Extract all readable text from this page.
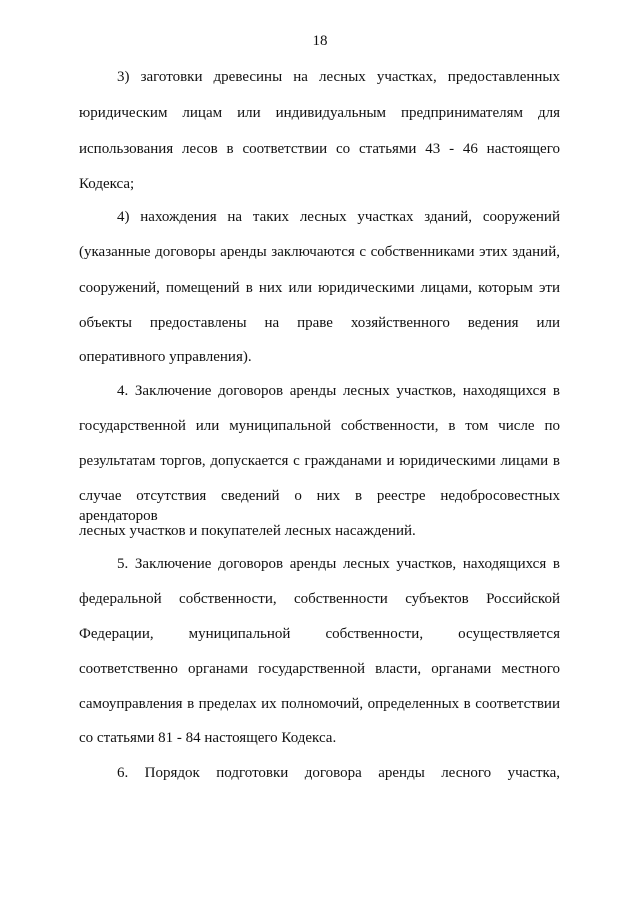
18
3) заготовки древесины на лесных участках, предоставленных
юридическим лицам или индивидуальным предпринимателям для
использования лесов в соответствии со статьями 43 - 46 настоящего
Кодекса;
4) нахождения на таких лесных участках зданий, сооружений
(указанные договоры аренды заключаются с собственниками этих зданий,
сооружений, помещений в них или юридическими лицами, которым эти
объекты предоставлены на праве хозяйственного ведения или
оперативного управления).
4. Заключение договоров аренды лесных участков, находящихся в
государственной или муниципальной собственности, в том числе по
результатам торгов, допускается с гражданами и юридическими лицами в
случае отсутствия сведений о них в реестре недобросовестных арендаторов
лесных участков и покупателей лесных насаждений.
5. Заключение договоров аренды лесных участков, находящихся в
федеральной собственности, собственности субъектов Российской
Федерации, муниципальной собственности, осуществляется
соответственно органами государственной власти, органами местного
самоуправления в пределах их полномочий, определенных в соответствии
со статьями 81 - 84 настоящего Кодекса.
6. Порядок подготовки договора аренды лесного участка,
